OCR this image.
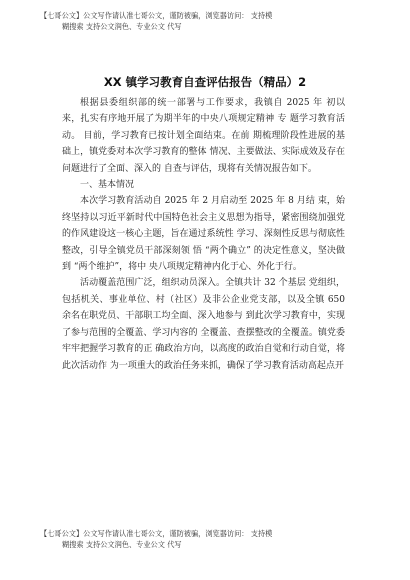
【七哥公文】公文写作请认准七哥公文，谨防被骗，浏览器访问： 支持模
糊搜索 支持公文润色、专业公文 代写
XX 镇学习教育自查评估报告（精品）2

根据县委组织部的统一部署与工作要求，我镇自 2025 年 初以来，扎实有序地开展了为期半年的中央八项规定精神 专 题学习教育活动。 目前，学习教育已按计划全面结束。在前 期梳理阶段性进展的基础上，镇党委对本次学习教育的整体 情况、主要做法、实际成效及存在问题进行了全面、深入的 自查与评估，现将有关情况报告如下。

一、基本情况

本次学习教育活动自 2025 年 2 月启动至 2025 年 8 月结 束，始终坚持以习近平新时代中国特色社会主义思想为指导，紧密围绕加强党的作风建设这一核心主题，旨在通过系统性 学习、深刻性反思与彻底性整改，引导全镇党员干部深刻领 悟 “两个确立” 的决定性意义，坚决做到 “两个维护”，将中 央八项规定精神内化于心、外化于行。

活动覆盖范围广泛，组织动员深入。全镇共计 32 个基层 党组织，包括机关、事业单位、村（社区）及非公企业党支部，以及全镇 650 余名在职党员、干部职工均全面、深入地参与 到此次学习教育中，实现了参与范围的全覆盖、学习内容的 全覆盖、查摆整改的全覆盖。镇党委牢牢把握学习教育的正 确政治方向，以高度的政治自觉和行动自觉，将此次活动作 为一项重大的政治任务来抓，确保了学习教育活动高起点开

【七哥公文】公文写作请认准七哥公文，谨防被骗，浏览器访问： 支持模
糊搜索 支持公文润色、专业公文 代写
